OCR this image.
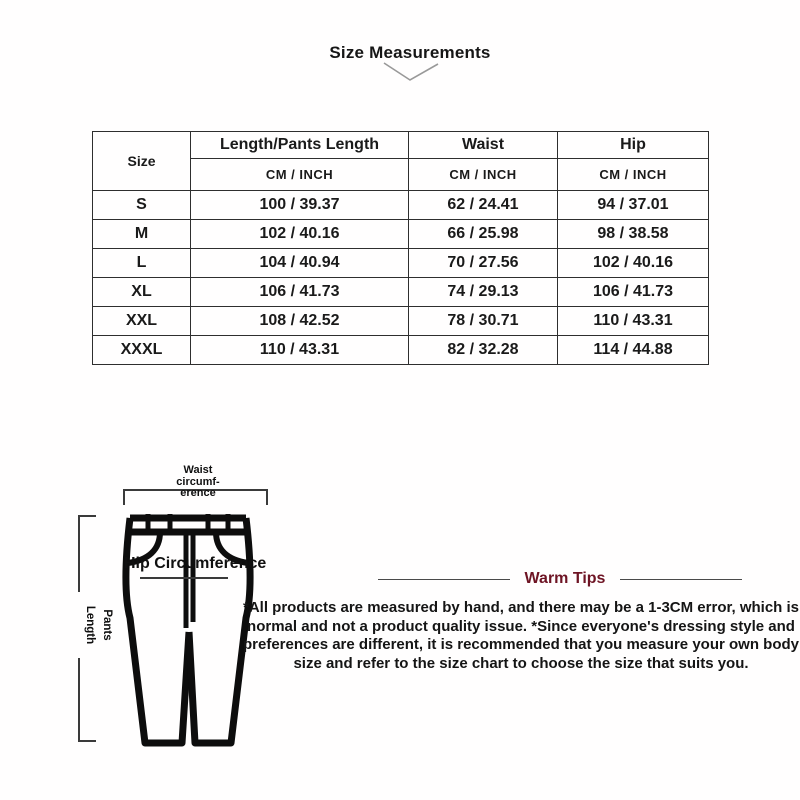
Size Measurements
Size	Length/Pants Length	Waist	Hip
	CM / INCH	CM / INCH	CM / INCH
S	100 / 39.37	62 / 24.41	94 / 37.01
M	102 / 40.16	66 / 25.98	98 / 38.58
L	104 / 40.94	70 / 27.56	102 / 40.16
XL	106 / 41.73	74 / 29.13	106 / 41.73
XXL	108 / 42.52	78 / 30.71	110 / 43.31
XXXL	110 / 43.31	82 / 32.28	114 / 44.88
Hip Circumference
Waist
circumf-
erence
Pants
Length
Warm Tips
*All products are measured by hand, and there may be a 1-3CM error, which is normal and not a product quality issue. *Since everyone's dressing style and preferences are different, it is recommended that you measure your own body size and refer to the size chart to choose the size that suits you.
